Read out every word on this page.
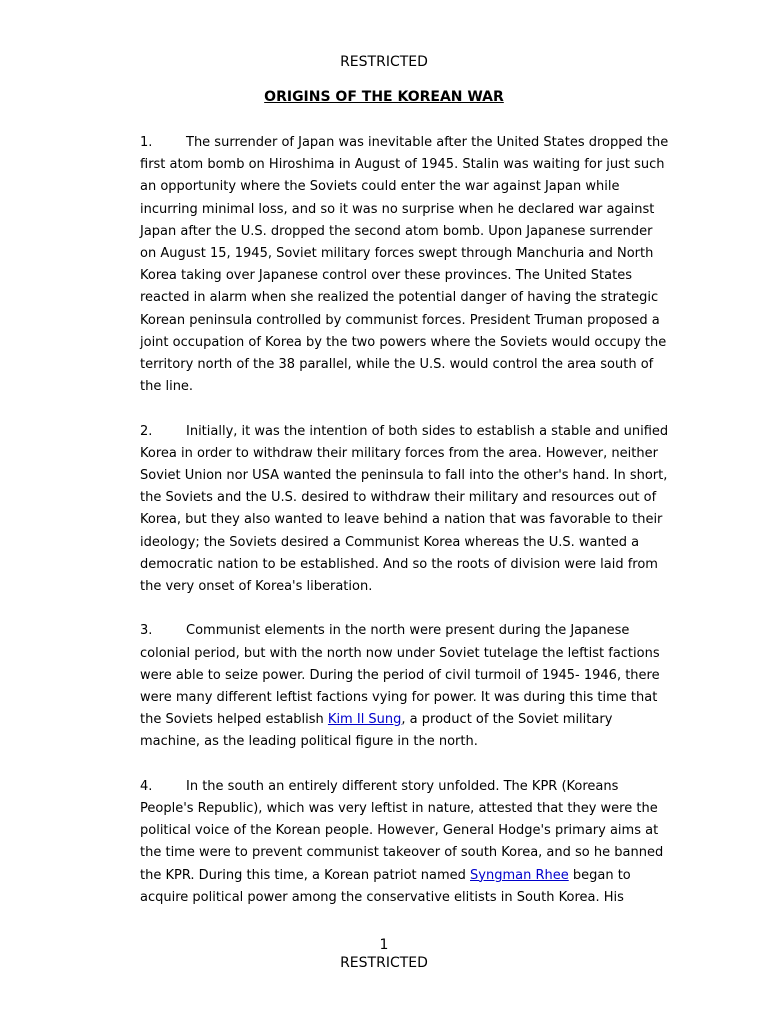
RESTRICTED
ORIGINS OF THE KOREAN WAR

1.	The surrender of Japan was inevitable after the United States dropped the first atom bomb on Hiroshima in August of 1945. Stalin was waiting for just such an opportunity where the Soviets could enter the war against Japan while incurring minimal loss, and so it was no surprise when he declared war against Japan after the U.S. dropped the second atom bomb. Upon Japanese surrender on August 15, 1945, Soviet military forces swept through Manchuria and North Korea taking over Japanese control over these provinces. The United States reacted in alarm when she realized the potential danger of having the strategic Korean peninsula controlled by communist forces. President Truman proposed a joint occupation of Korea by the two powers where the Soviets would occupy the territory north of the 38 parallel, while the U.S. would control the area south of the line.

2.	Initially, it was the intention of both sides to establish a stable and unified Korea in order to withdraw their military forces from the area. However, neither Soviet Union nor USA wanted the peninsula to fall into the other's hand. In short, the Soviets and the U.S. desired to withdraw their military and resources out of Korea, but they also wanted to leave behind a nation that was favorable to their ideology; the Soviets desired a Communist Korea whereas the U.S. wanted a democratic nation to be established. And so the roots of division were laid from the very onset of Korea's liberation.

3.	Communist elements in the north were present during the Japanese colonial period, but with the north now under Soviet tutelage the leftist factions were able to seize power. During the period of civil turmoil of 1945- 1946, there were many different leftist factions vying for power. It was during this time that the Soviets helped establish Kim Il Sung, a product of the Soviet military machine, as the leading political figure in the north.

4.	In the south an entirely different story unfolded. The KPR (Koreans People's Republic), which was very leftist in nature, attested that they were the political voice of the Korean people. However, General Hodge's primary aims at the time were to prevent communist takeover of south Korea, and so he banned the KPR. During this time, a Korean patriot named Syngman Rhee began to acquire political power among the conservative elitists in South Korea. His

1
RESTRICTED
